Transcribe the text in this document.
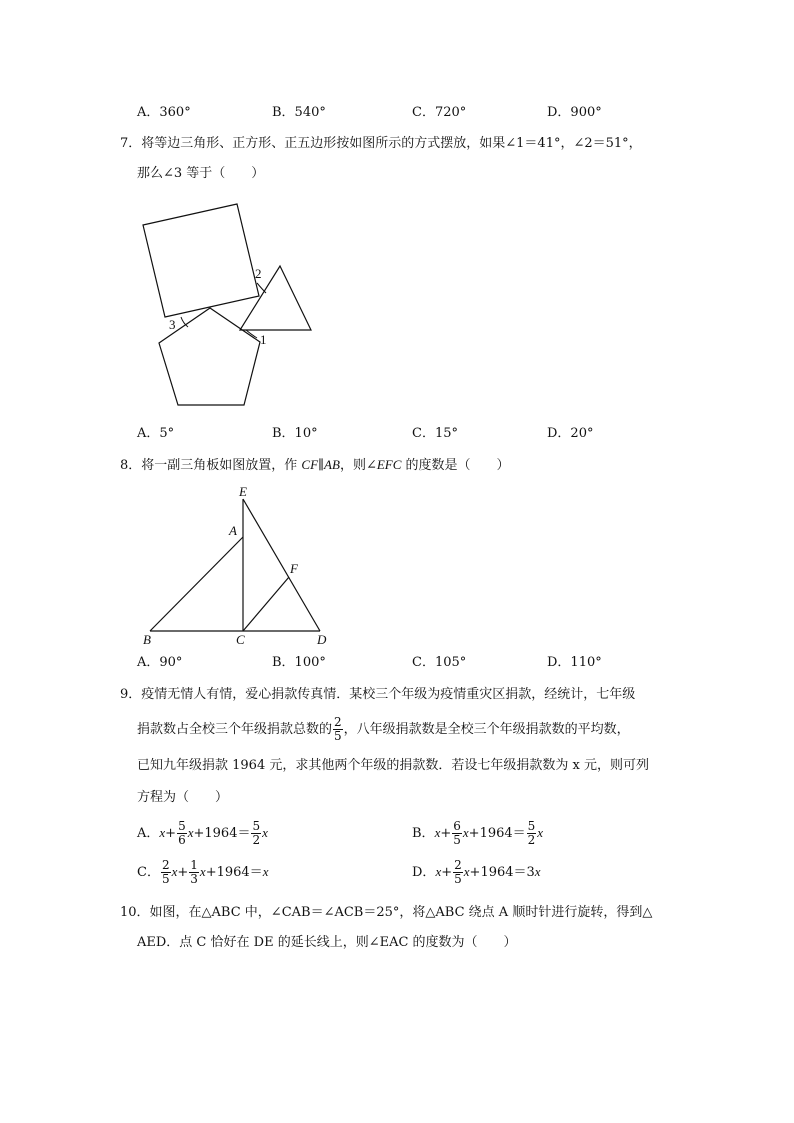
A．360°	B．540°	C．720°	D．900°
7．将等边三角形、正方形、正五边形按如图所示的方式摆放，如果∠1＝41°，∠2＝51°，
那么∠3 等于（　　）
2
1
3
A．5°	B．10°	C．15°	D．20°
8．将一副三角板如图放置，作 CF∥AB，则∠EFC 的度数是（　　）
E
A
F
B	C	D
A．90°	B．100°	C．105°	D．110°
9．疫情无情人有情，爱心捐款传真情．某校三个年级为疫情重灾区捐款，经统计，七年级
捐款数占全校三个年级捐款总数的 $\frac{2}{5}$ ，八年级捐款数是全校三个年级捐款数的平均数，
已知九年级捐款 1964 元，求其他两个年级的捐款数．若设七年级捐款数为 x 元，则可列
方程为（　　）
A．$x+ \frac{5}{6} x+1964= \frac{5}{2}$ x	B．$x+ \frac{6}{5} x+1964= \frac{5}{2}$ x
C． $\frac{2}{5} x+ \frac{1}{3} x+1964=x$	D．$x+ \frac{2}{5} x+1964=3x$
10．如图，在△ABC 中，∠CAB＝∠ACB＝25°，将△ABC 绕点 A 顺时针进行旋转，得到△
AED．点 C 恰好在 DE 的延长线上，则∠EAC 的度数为（　　）
